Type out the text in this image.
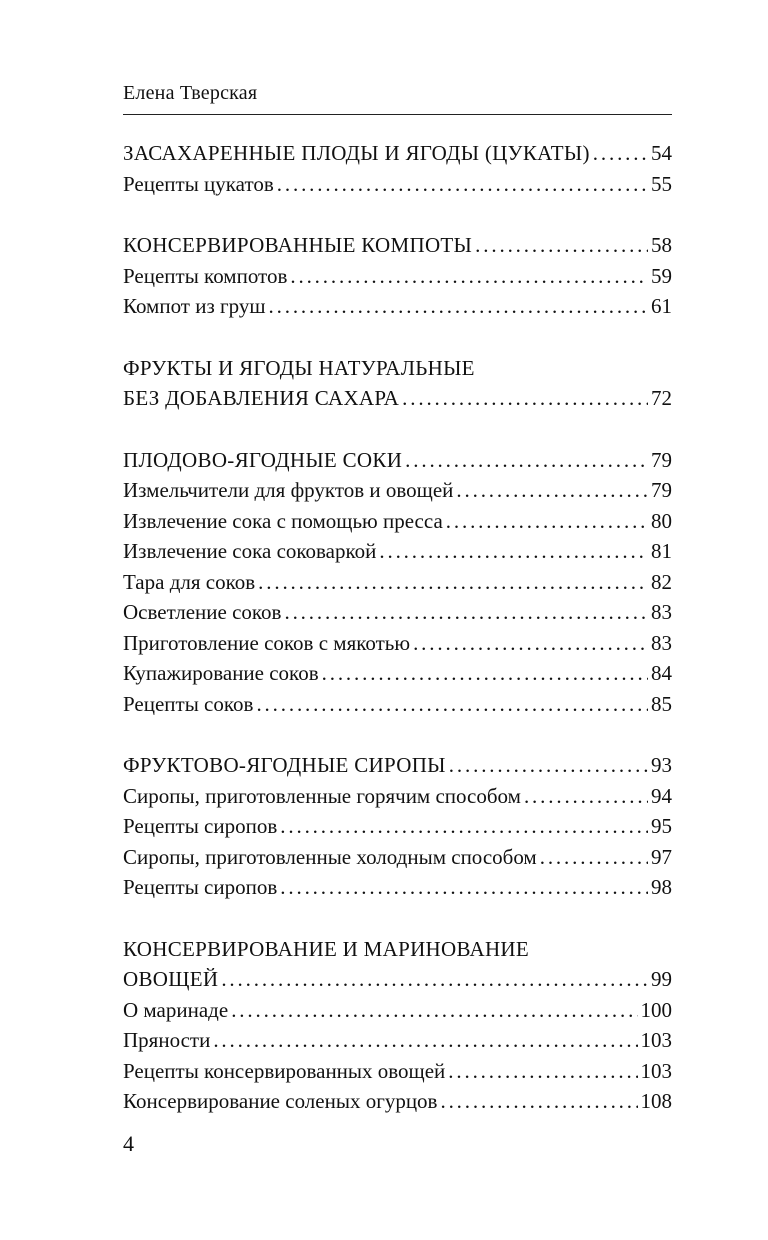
Елена Тверская
ЗАСАХАРЕННЫЕ ПЛОДЫ И ЯГОДЫ (ЦУКАТЫ) . . .	54
Рецепты цукатов . . .	55
КОНСЕРВИРОВАННЫЕ КОМПОТЫ . . .	58
Рецепты компотов . . .	59
Компот из груш . . .	61
ФРУКТЫ И ЯГОДЫ НАТУРАЛЬНЫЕ
БЕЗ ДОБАВЛЕНИЯ САХАРА . . .	72
ПЛОДОВО-ЯГОДНЫЕ СОКИ . . .	79
Измельчители для фруктов и овощей . . .	79
Извлечение сока с помощью пресса . . .	80
Извлечение сока соковаркой . . .	81
Тара для соков . . .	82
Осветление соков . . .	83
Приготовление соков с мякотью . . .	83
Купажирование соков . . .	84
Рецепты соков . . .	85
ФРУКТОВО-ЯГОДНЫЕ СИРОПЫ . . .	93
Сиропы, приготовленные горячим способом . . .	94
Рецепты сиропов . . .	95
Сиропы, приготовленные холодным способом . . .	97
Рецепты сиропов . . .	98
КОНСЕРВИРОВАНИЕ И МАРИНОВАНИЕ
ОВОЩЕЙ . . .	99
О маринаде . . .	100
Пряности . . .	103
Рецепты консервированных овощей . . .	103
Консервирование соленых огурцов . . .	108
4
